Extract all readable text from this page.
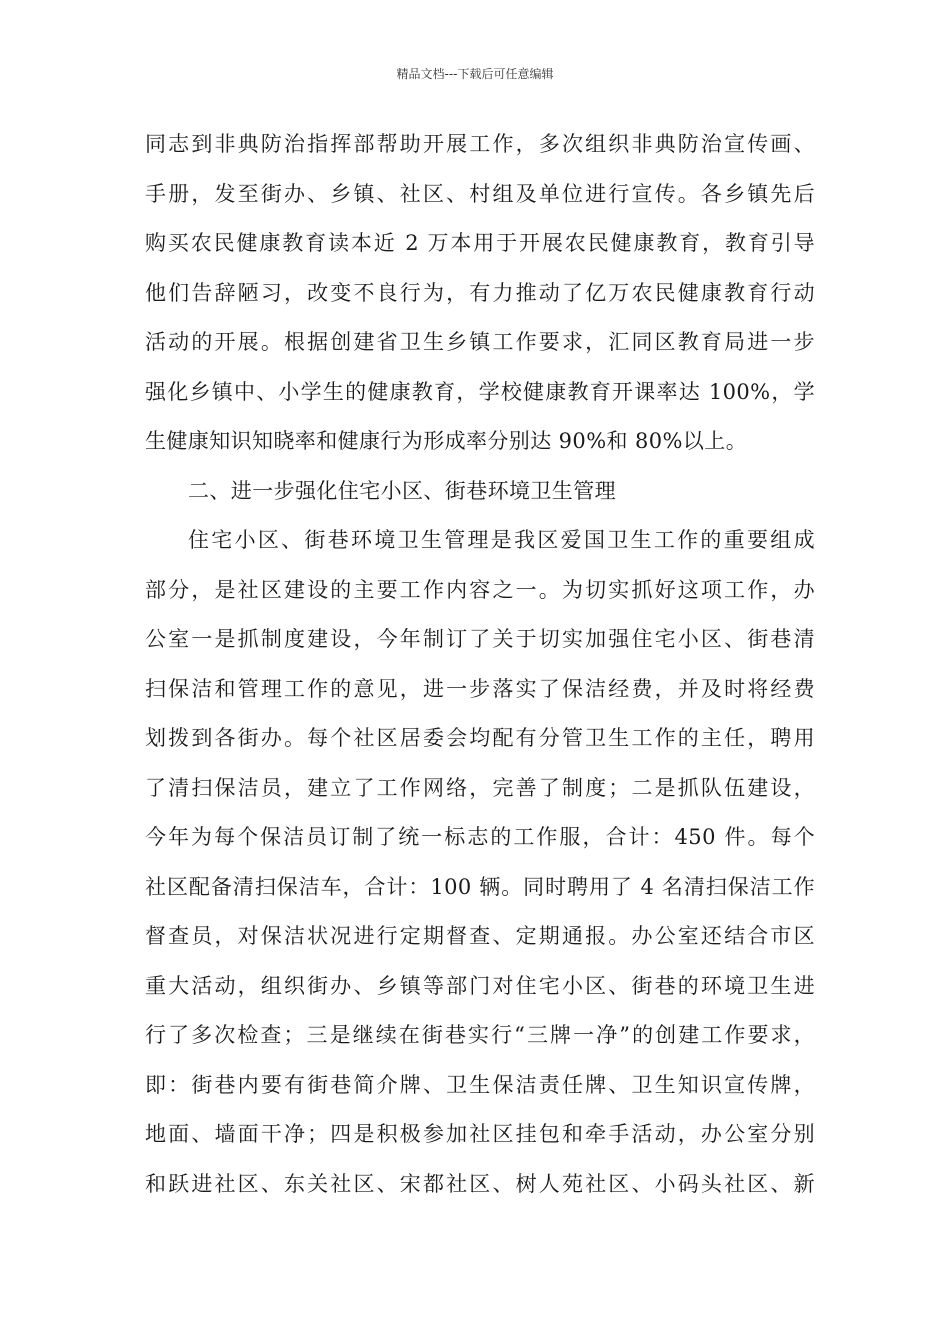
精品文档---下载后可任意编辑
同志到非典防治指挥部帮助开展工作，多次组织非典防治宣传画、
手册，发至街办、乡镇、社区、村组及单位进行宣传。各乡镇先后
购买农民健康教育读本近 2 万本用于开展农民健康教育，教育引导
他们告辞陋习，改变不良行为，有力推动了亿万农民健康教育行动
活动的开展。根据创建省卫生乡镇工作要求，汇同区教育局进一步
强化乡镇中、小学生的健康教育，学校健康教育开课率达 100%，学
生健康知识知晓率和健康行为形成率分别达 90%和 80%以上。
二、进一步强化住宅小区、街巷环境卫生管理
住宅小区、街巷环境卫生管理是我区爱国卫生工作的重要组成
部分，是社区建设的主要工作内容之一。为切实抓好这项工作，办
公室一是抓制度建设，今年制订了关于切实加强住宅小区、街巷清
扫保洁和管理工作的意见，进一步落实了保洁经费，并及时将经费
划拨到各街办。每个社区居委会均配有分管卫生工作的主任，聘用
了清扫保洁员，建立了工作网络，完善了制度；二是抓队伍建设，
今年为每个保洁员订制了统一标志的工作服，合计：450 件。每个
社区配备清扫保洁车，合计：100 辆。同时聘用了 4 名清扫保洁工作
督查员，对保洁状况进行定期督查、定期通报。办公室还结合市区
重大活动，组织街办、乡镇等部门对住宅小区、街巷的环境卫生进
行了多次检查；三是继续在街巷实行“三牌一净”的创建工作要求，
即：街巷内要有街巷简介牌、卫生保洁责任牌、卫生知识宣传牌，
地面、墙面干净；四是积极参加社区挂包和牵手活动，办公室分别
和跃进社区、东关社区、宋都社区、树人苑社区、小码头社区、新
